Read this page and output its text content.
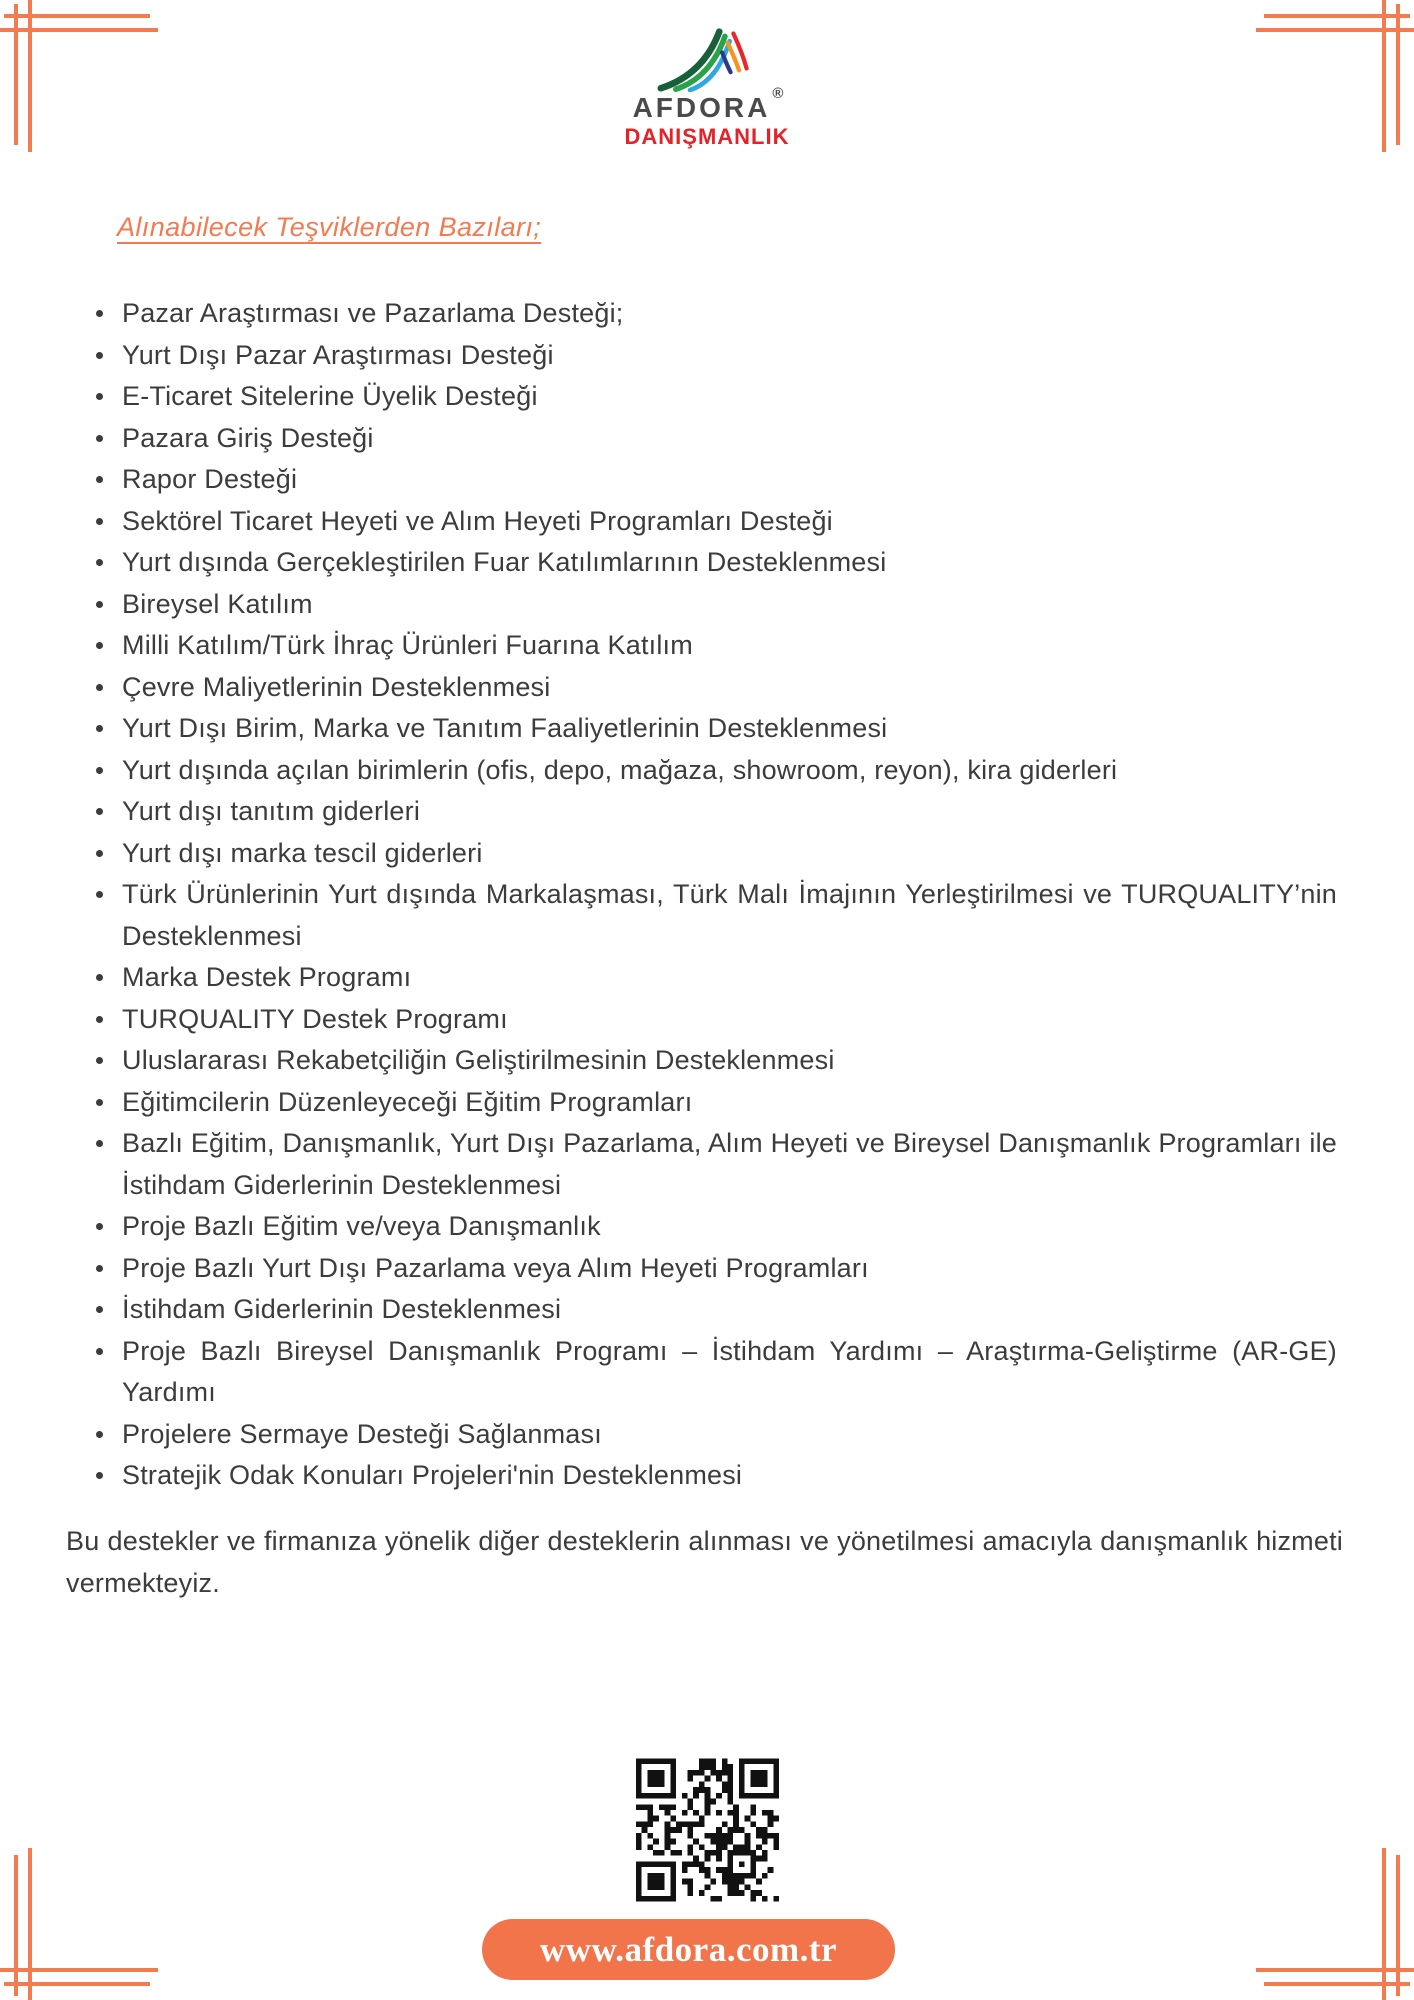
AFDORA ®
DANIŞMANLIK
Alınabilecek Teşviklerden Bazıları;
Pazar Araştırması ve Pazarlama Desteği;
Yurt Dışı Pazar Araştırması Desteği
E-Ticaret Sitelerine Üyelik Desteği
Pazara Giriş Desteği
Rapor Desteği
Sektörel Ticaret Heyeti ve Alım Heyeti Programları Desteği
Yurt dışında Gerçekleştirilen Fuar Katılımlarının Desteklenmesi
Bireysel Katılım
Milli Katılım/Türk İhraç Ürünleri Fuarına Katılım
Çevre Maliyetlerinin Desteklenmesi
Yurt Dışı Birim, Marka ve Tanıtım Faaliyetlerinin Desteklenmesi
Yurt dışında açılan birimlerin (ofis, depo, mağaza, showroom, reyon), kira giderleri
Yurt dışı tanıtım giderleri
Yurt dışı marka tescil giderleri
Türk Ürünlerinin Yurt dışında Markalaşması, Türk Malı İmajının Yerleştirilmesi ve TURQUALITY’nin Desteklenmesi
Marka Destek Programı
TURQUALITY Destek Programı
Uluslararası Rekabetçiliğin Geliştirilmesinin Desteklenmesi
Eğitimcilerin Düzenleyeceği Eğitim Programları
Bazlı Eğitim, Danışmanlık, Yurt Dışı Pazarlama, Alım Heyeti ve Bireysel Danışmanlık Programları ile İstihdam Giderlerinin Desteklenmesi
Proje Bazlı Eğitim ve/veya Danışmanlık
Proje Bazlı Yurt Dışı Pazarlama veya Alım Heyeti Programları
İstihdam Giderlerinin Desteklenmesi
Proje Bazlı Bireysel Danışmanlık Programı – İstihdam Yardımı – Araştırma-Geliştirme (AR-GE) Yardımı
Projelere Sermaye Desteği Sağlanması
Stratejik Odak Konuları Projeleri'nin Desteklenmesi

Bu destekler ve firmanıza yönelik diğer desteklerin alınması ve yönetilmesi amacıyla danışmanlık hizmeti vermekteyiz.

www.afdora.com.tr
